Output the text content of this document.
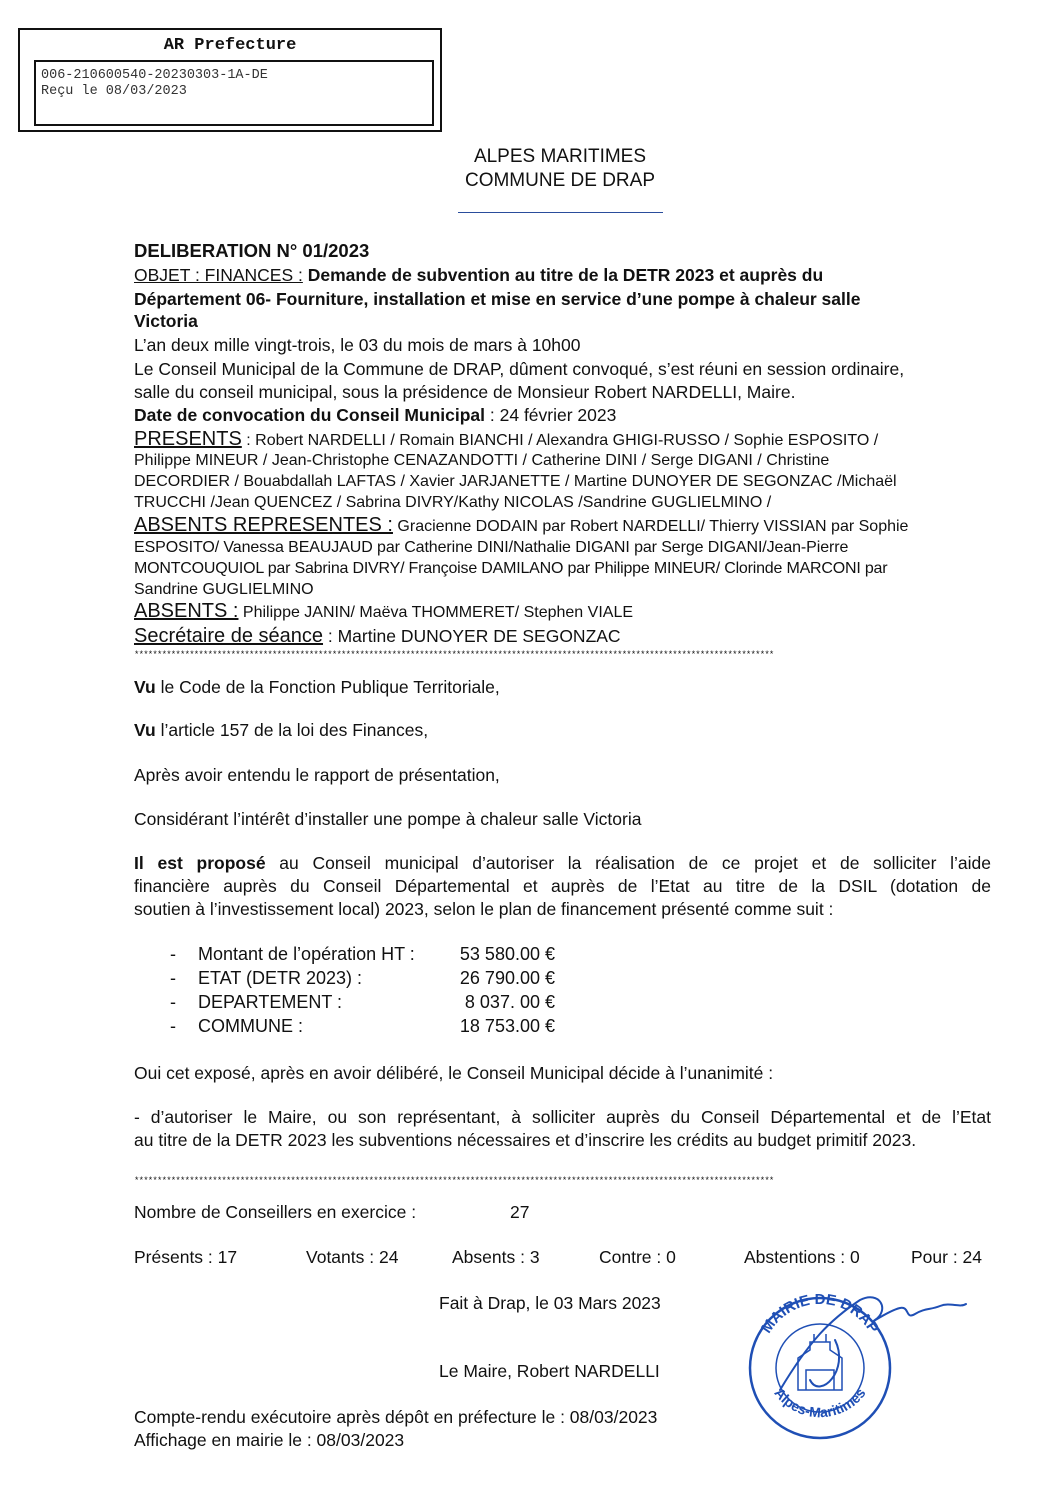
AR Prefecture
006-210600540-20230303-1A-DE
Reçu le 08/03/2023
ALPES MARITIMES
COMMUNE DE DRAP
DELIBERATION N° 01/2023
OBJET : FINANCES : Demande de subvention au titre de la DETR 2023 et auprès du
Département 06- Fourniture, installation et mise en service d’une pompe à chaleur salle
Victoria
L’an deux mille vingt-trois, le 03 du mois de mars à 10h00
Le Conseil Municipal de la Commune de DRAP, dûment convoqué, s’est réuni en session ordinaire,
salle du conseil municipal, sous la présidence de Monsieur Robert NARDELLI, Maire.
Date de convocation du Conseil Municipal : 24 février 2023
PRESENTS : Robert NARDELLI / Romain BIANCHI / Alexandra GHIGI-RUSSO / Sophie ESPOSITO /
Philippe MINEUR / Jean-Christophe CENAZANDOTTI / Catherine DINI / Serge DIGANI / Christine
DECORDIER / Bouabdallah LAFTAS / Xavier JARJANETTE / Martine DUNOYER DE SEGONZAC /Michaël
TRUCCHI /Jean QUENCEZ / Sabrina DIVRY/Kathy NICOLAS /Sandrine GUGLIELMINO /
ABSENTS REPRESENTES : Gracienne DODAIN par Robert NARDELLI/ Thierry VISSIAN par Sophie
ESPOSITO/ Vanessa BEAUJAUD par Catherine DINI/Nathalie DIGANI par Serge DIGANI/Jean-Pierre
MONTCOUQUIOL par Sabrina DIVRY/ Françoise DAMILANO par Philippe MINEUR/ Clorinde MARCONI par
Sandrine GUGLIELMINO
ABSENTS : Philippe JANIN/ Maëva THOMMERET/ Stephen VIALE
Secrétaire de séance : Martine DUNOYER DE SEGONZAC
*******************************************************************************************************************************************
Vu le Code de la Fonction Publique Territoriale,
Vu l’article 157 de la loi des Finances,
Après avoir entendu le rapport de présentation,
Considérant l’intérêt d’installer une pompe à chaleur salle Victoria
Il est proposé au Conseil municipal d’autoriser la réalisation de ce projet et de solliciter l’aide
financière auprès du Conseil Départemental et auprès de l’Etat au titre de la DSIL (dotation de
soutien à l’investissement local) 2023, selon le plan de financement présenté comme suit :
- Montant de l’opération HT :	53 580.00 €
- ETAT (DETR 2023) :	26 790.00 €
- DEPARTEMENT :	8 037. 00 €
- COMMUNE :	18 753.00 €
Oui cet exposé, après en avoir délibéré, le Conseil Municipal décide à l’unanimité :
- d’autoriser le Maire, ou son représentant, à solliciter auprès du Conseil Départemental et de l’Etat
au titre de la DETR 2023 les subventions nécessaires et d’inscrire les crédits au budget primitif 2023.
*******************************************************************************************************************************************
Nombre de Conseillers en exercice :	27
Présents : 17	Votants : 24	Absents : 3	Contre : 0	Abstentions : 0	Pour : 24
Fait à Drap, le 03 Mars 2023
Le Maire, Robert NARDELLI
Compte-rendu exécutoire après dépôt en préfecture le : 08/03/2023
Affichage en mairie le : 08/03/2023
MAIRIE DE DRAP
Alpes-Maritimes
